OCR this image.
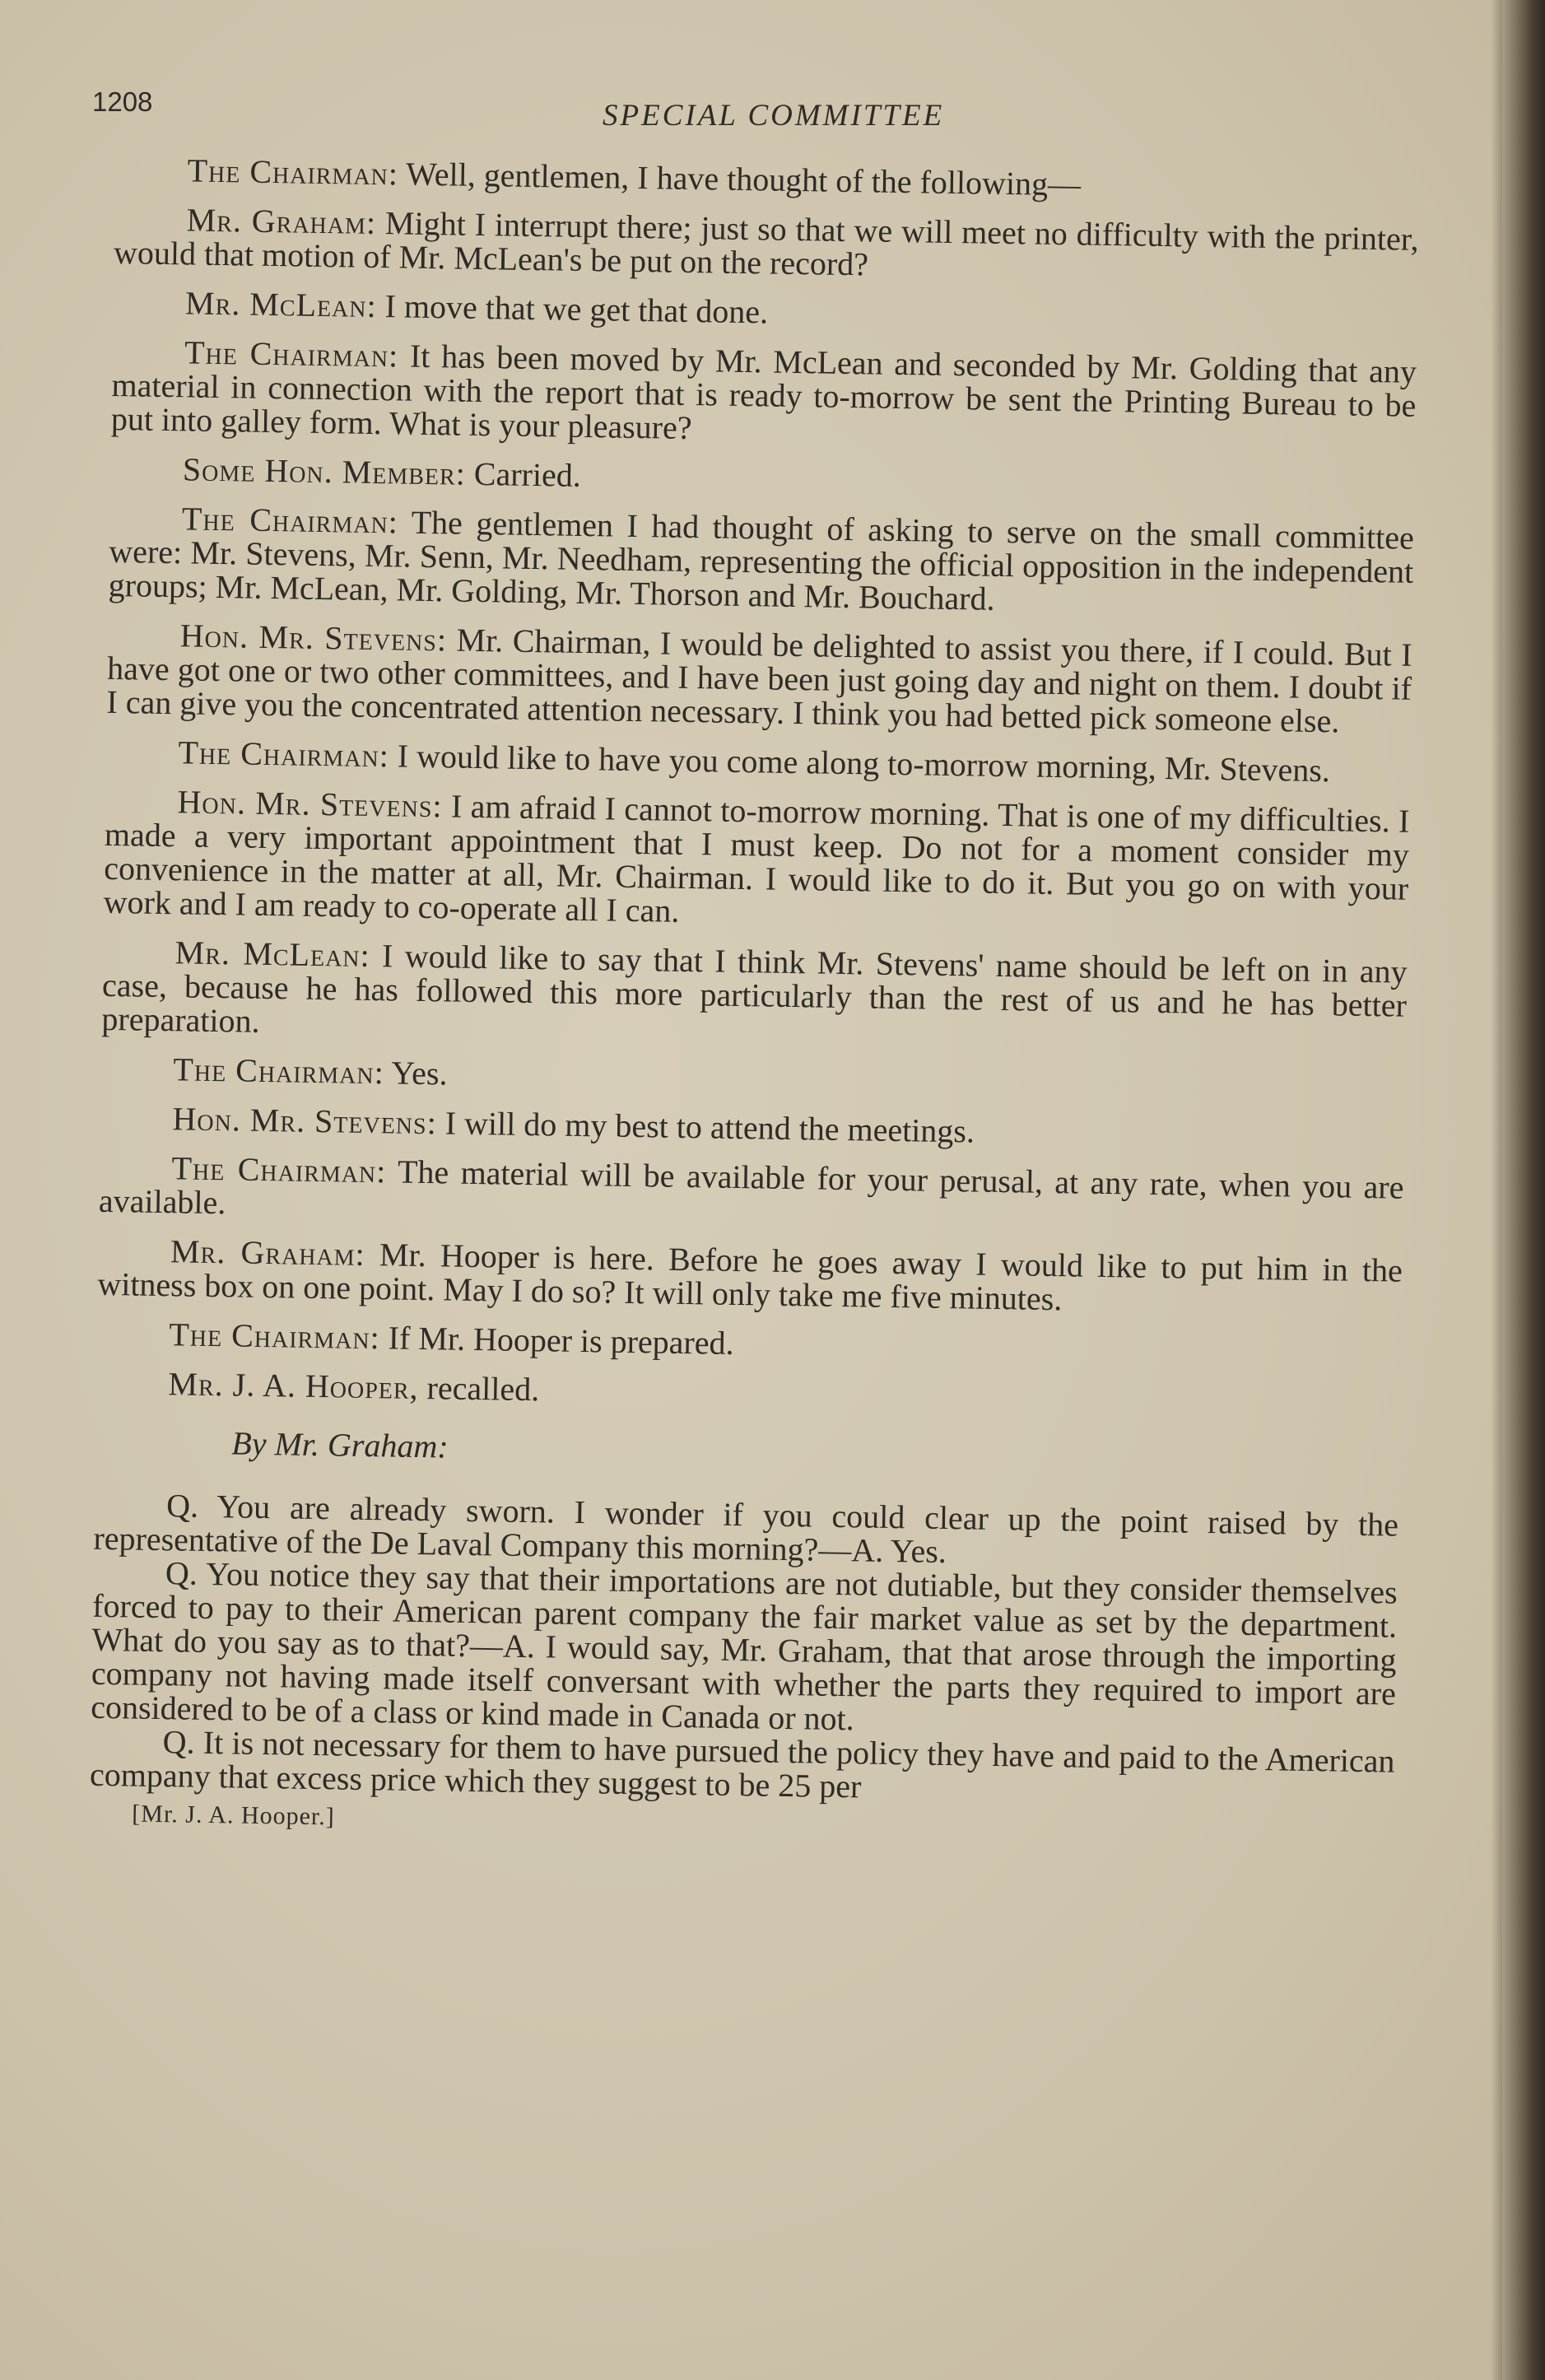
1208	SPECIAL COMMITTEE

The Chairman: Well, gentlemen, I have thought of the following—

Mr. Graham: Might I interrupt there; just so that we will meet no difficulty with the printer, would that motion of Mr. McLean's be put on the record?

Mr. McLean: I move that we get that done.

The Chairman: It has been moved by Mr. McLean and seconded by Mr. Golding that any material in connection with the report that is ready to-morrow be sent the Printing Bureau to be put into galley form. What is your pleasure?

Some Hon. Member: Carried.

The Chairman: The gentlemen I had thought of asking to serve on the small committee were: Mr. Stevens, Mr. Senn, Mr. Needham, representing the official opposition in the independent groups; Mr. McLean, Mr. Golding, Mr. Thorson and Mr. Bouchard.

Hon. Mr. Stevens: Mr. Chairman, I would be delighted to assist you there, if I could. But I have got one or two other committees, and I have been just going day and night on them. I doubt if I can give you the concentrated attention necessary. I think you had betted pick someone else.

The Chairman: I would like to have you come along to-morrow morning, Mr. Stevens.

Hon. Mr. Stevens: I am afraid I cannot to-morrow morning. That is one of my difficulties. I made a very important appointment that I must keep. Do not for a moment consider my convenience in the matter at all, Mr. Chairman. I would like to do it. But you go on with your work and I am ready to co-operate all I can.

Mr. McLean: I would like to say that I think Mr. Stevens' name should be left on in any case, because he has followed this more particularly than the rest of us and he has better preparation.

The Chairman: Yes.

Hon. Mr. Stevens: I will do my best to attend the meetings.

The Chairman: The material will be available for your perusal, at any rate, when you are available.

Mr. Graham: Mr. Hooper is here. Before he goes away I would like to put him in the witness box on one point. May I do so? It will only take me five minutes.

The Chairman: If Mr. Hooper is prepared.

Mr. J. A. Hooper, recalled.

By Mr. Graham:

Q. You are already sworn. I wonder if you could clear up the point raised by the representative of the De Laval Company this morning?—A. Yes.

Q. You notice they say that their importations are not dutiable, but they consider themselves forced to pay to their American parent company the fair market value as set by the department. What do you say as to that?—A. I would say, Mr. Graham, that that arose through the importing company not having made itself conversant with whether the parts they required to import are considered to be of a class or kind made in Canada or not.

Q. It is not necessary for them to have pursued the policy they have and paid to the American company that excess price which they suggest to be 25 per

[Mr. J. A. Hooper.]
